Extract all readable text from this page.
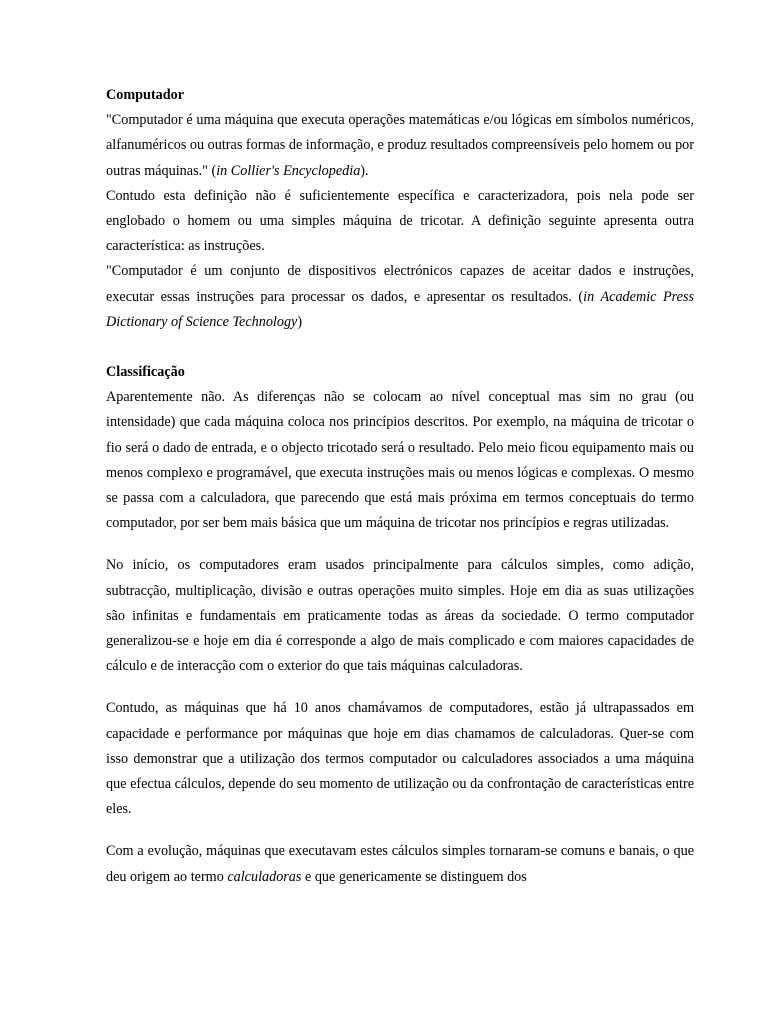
Computador

"Computador é uma máquina que executa operações matemáticas e/ou lógicas em símbolos numéricos, alfanuméricos ou outras formas de informação, e produz resultados compreensíveis pelo homem ou por outras máquinas." (in Collier's Encyclopedia).

Contudo esta definição não é suficientemente específica e caracterizadora, pois nela pode ser englobado o homem ou uma simples máquina de tricotar. A definição seguinte apresenta outra característica: as instruções.

"Computador é um conjunto de dispositivos electrónicos capazes de aceitar dados e instruções, executar essas instruções para processar os dados, e apresentar os resultados. (in Academic Press Dictionary of Science Technology)

Classificação

Aparentemente não. As diferenças não se colocam ao nível conceptual mas sim no grau (ou intensidade) que cada máquina coloca nos princípios descritos. Por exemplo, na máquina de tricotar o fio será o dado de entrada, e o objecto tricotado será o resultado. Pelo meio ficou equipamento mais ou menos complexo e programável, que executa instruções mais ou menos lógicas e complexas. O mesmo se passa com a calculadora, que parecendo que está mais próxima em termos conceptuais do termo computador, por ser bem mais básica que um máquina de tricotar nos princípios e regras utilizadas.

No início, os computadores eram usados principalmente para cálculos simples, como adição, subtracção, multiplicação, divisão e outras operações muito simples. Hoje em dia as suas utilizações são infinitas e fundamentais em praticamente todas as áreas da sociedade. O termo computador generalizou-se e hoje em dia é corresponde a algo de mais complicado e com maiores capacidades de cálculo e de interacção com o exterior do que tais máquinas calculadoras.

Contudo, as máquinas que há 10 anos chamávamos de computadores, estão já ultrapassados em capacidade e performance por máquinas que hoje em dias chamamos de calculadoras. Quer-se com isso demonstrar que a utilização dos termos computador ou calculadores associados a uma máquina que efectua cálculos, depende do seu momento de utilização ou da confrontação de características entre eles.

Com a evolução, máquinas que executavam estes cálculos simples tornaram-se comuns e banais, o que deu origem ao termo calculadoras e que genericamente se distinguem dos
